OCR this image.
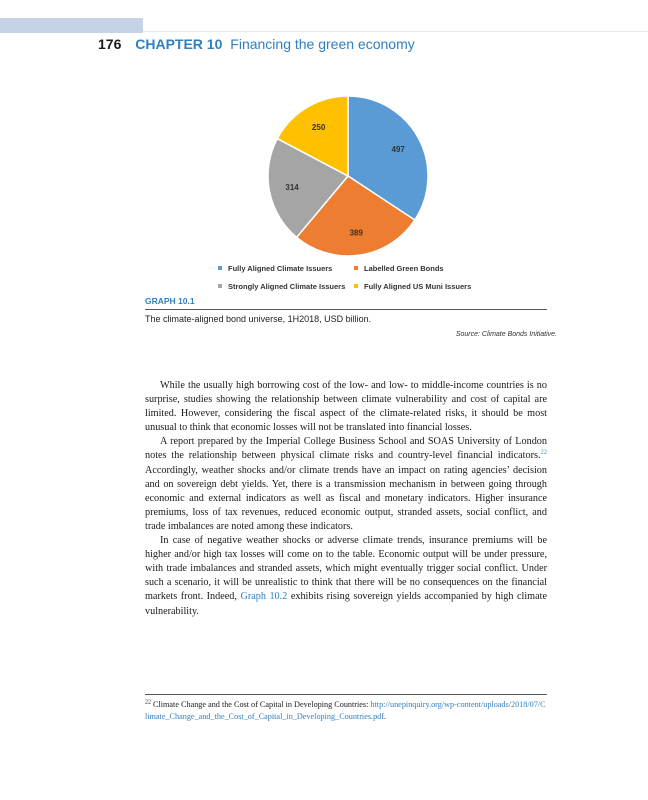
176 CHAPTER 10 Financing the green economy
497
389
314
250
Fully Aligned Climate Issuers	Labelled Green Bonds
Strongly Aligned Climate Issuers	Fully Aligned US Muni Issuers
GRAPH 10.1
The climate-aligned bond universe, 1H2018, USD billion.
Source: Climate Bonds Initiative.

While the usually high borrowing cost of the low- and low- to middle-income countries is no surprise, studies showing the relationship between climate vulnerability and cost of capital are limited. However, considering the fiscal aspect of the climate-related risks, it should be most unusual to think that economic losses will not be translated into financial losses.

A report prepared by the Imperial College Business School and SOAS University of London notes the relationship between physical climate risks and country-level financial indicators.$^{22}$ Accordingly, weather shocks and/or climate trends have an impact on rating agencies’ decision and on sovereign debt yields. Yet, there is a transmission mechanism in between going through economic and external indicators as well as fiscal and monetary indicators. Higher insurance premiums, loss of tax revenues, reduced economic output, stranded assets, social conflict, and trade imbalances are noted among these indicators.

In case of negative weather shocks or adverse climate trends, insurance premiums will be higher and/or high tax losses will come on to the table. Economic output will be under pressure, with trade imbalances and stranded assets, which might eventually trigger social conflict. Under such a scenario, it will be unrealistic to think that there will be no consequences on the financial markets front. Indeed, Graph 10.2 exhibits rising sovereign yields accompanied by high climate vulnerability.

$^{22}$ Climate Change and the Cost of Capital in Developing Countries: http://unepinquiry.org/wp-content/uploads/2018/07/Climate_Change_and_the_Cost_of_Capital_in_Developing_Countries.pdf.
